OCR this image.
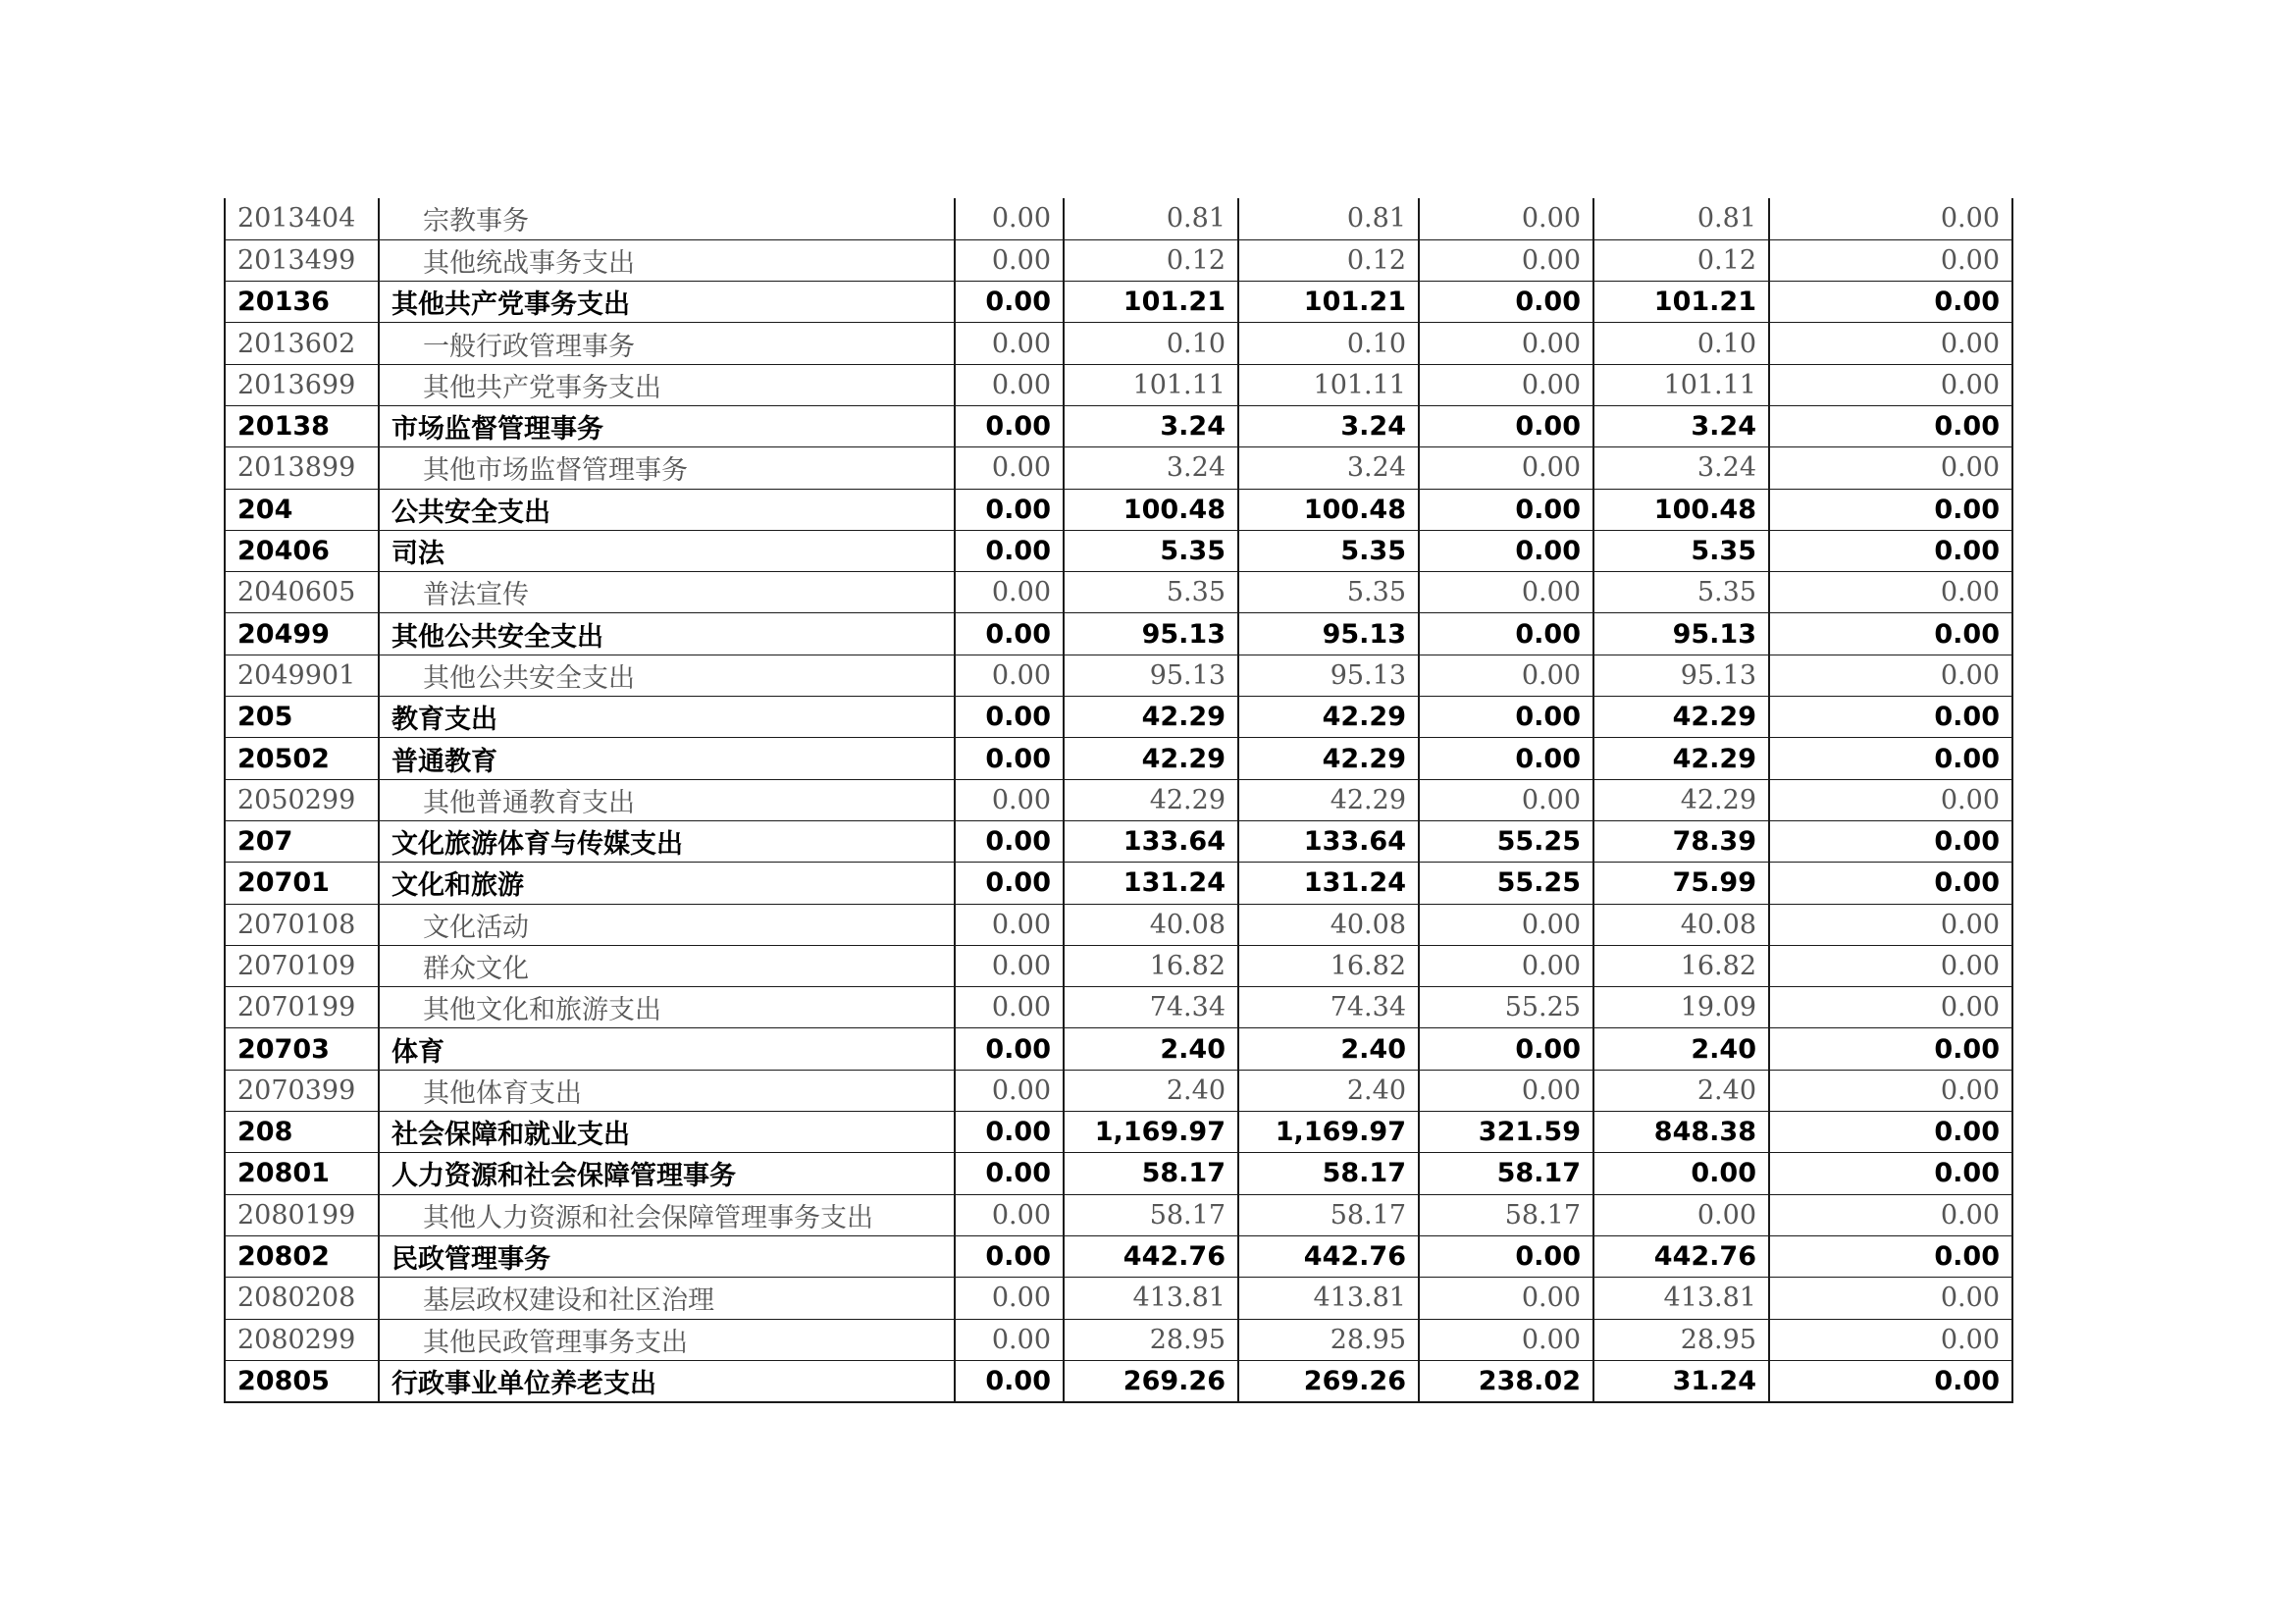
2013404	宗教事务	0.00	0.81	0.81	0.00	0.81	0.00
2013499	其他统战事务支出	0.00	0.12	0.12	0.00	0.12	0.00
20136	其他共产党事务支出	0.00	101.21	101.21	0.00	101.21	0.00
2013602	一般行政管理事务	0.00	0.10	0.10	0.00	0.10	0.00
2013699	其他共产党事务支出	0.00	101.11	101.11	0.00	101.11	0.00
20138	市场监督管理事务	0.00	3.24	3.24	0.00	3.24	0.00
2013899	其他市场监督管理事务	0.00	3.24	3.24	0.00	3.24	0.00
204	公共安全支出	0.00	100.48	100.48	0.00	100.48	0.00
20406	司法	0.00	5.35	5.35	0.00	5.35	0.00
2040605	普法宣传	0.00	5.35	5.35	0.00	5.35	0.00
20499	其他公共安全支出	0.00	95.13	95.13	0.00	95.13	0.00
2049901	其他公共安全支出	0.00	95.13	95.13	0.00	95.13	0.00
205	教育支出	0.00	42.29	42.29	0.00	42.29	0.00
20502	普通教育	0.00	42.29	42.29	0.00	42.29	0.00
2050299	其他普通教育支出	0.00	42.29	42.29	0.00	42.29	0.00
207	文化旅游体育与传媒支出	0.00	133.64	133.64	55.25	78.39	0.00
20701	文化和旅游	0.00	131.24	131.24	55.25	75.99	0.00
2070108	文化活动	0.00	40.08	40.08	0.00	40.08	0.00
2070109	群众文化	0.00	16.82	16.82	0.00	16.82	0.00
2070199	其他文化和旅游支出	0.00	74.34	74.34	55.25	19.09	0.00
20703	体育	0.00	2.40	2.40	0.00	2.40	0.00
2070399	其他体育支出	0.00	2.40	2.40	0.00	2.40	0.00
208	社会保障和就业支出	0.00	1,169.97	1,169.97	321.59	848.38	0.00
20801	人力资源和社会保障管理事务	0.00	58.17	58.17	58.17	0.00	0.00
2080199	其他人力资源和社会保障管理事务支出	0.00	58.17	58.17	58.17	0.00	0.00
20802	民政管理事务	0.00	442.76	442.76	0.00	442.76	0.00
2080208	基层政权建设和社区治理	0.00	413.81	413.81	0.00	413.81	0.00
2080299	其他民政管理事务支出	0.00	28.95	28.95	0.00	28.95	0.00
20805	行政事业单位养老支出	0.00	269.26	269.26	238.02	31.24	0.00
